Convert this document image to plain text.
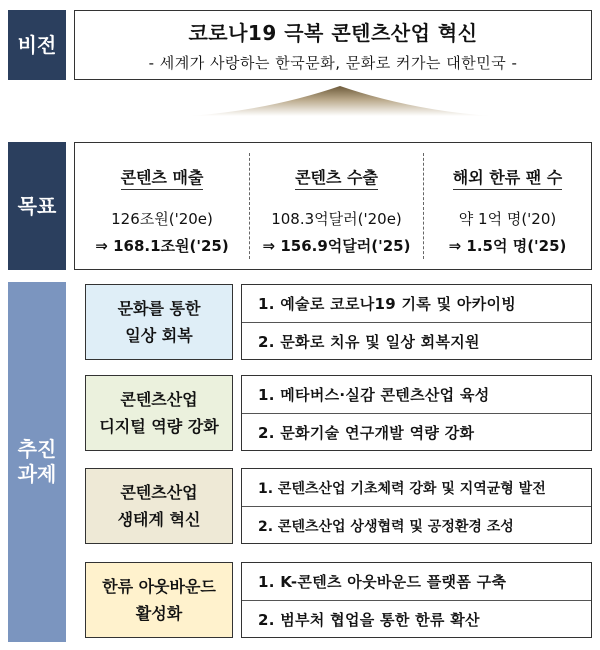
비전	코로나19 극복 콘텐츠산업 혁신
- 세계가 사랑하는 한국문화, 문화로 커가는 대한민국 -
목표
콘텐츠 매출
126조원('20e)
⇒ 168.1조원('25)
콘텐츠 수출
108.3억달러('20e)
⇒ 156.9억달러('25)
해외 한류 팬 수
약 1억 명('20)
⇒ 1.5억 명('25)
추진 과제
문화를 통한
일상 회복
1. 예술로 코로나19 기록 및 아카이빙
2. 문화로 치유 및 일상 회복지원
콘텐츠산업
디지털 역량 강화
1. 메타버스·실감 콘텐츠산업 육성
2. 문화기술 연구개발 역량 강화
콘텐츠산업
생태계 혁신
1. 콘텐츠산업 기초체력 강화 및 지역균형 발전
2. 콘텐츠산업 상생협력 및 공정환경 조성
한류 아웃바운드
활성화
1. K-콘텐츠 아웃바운드 플랫폼 구축
2. 범부처 협업을 통한 한류 확산
